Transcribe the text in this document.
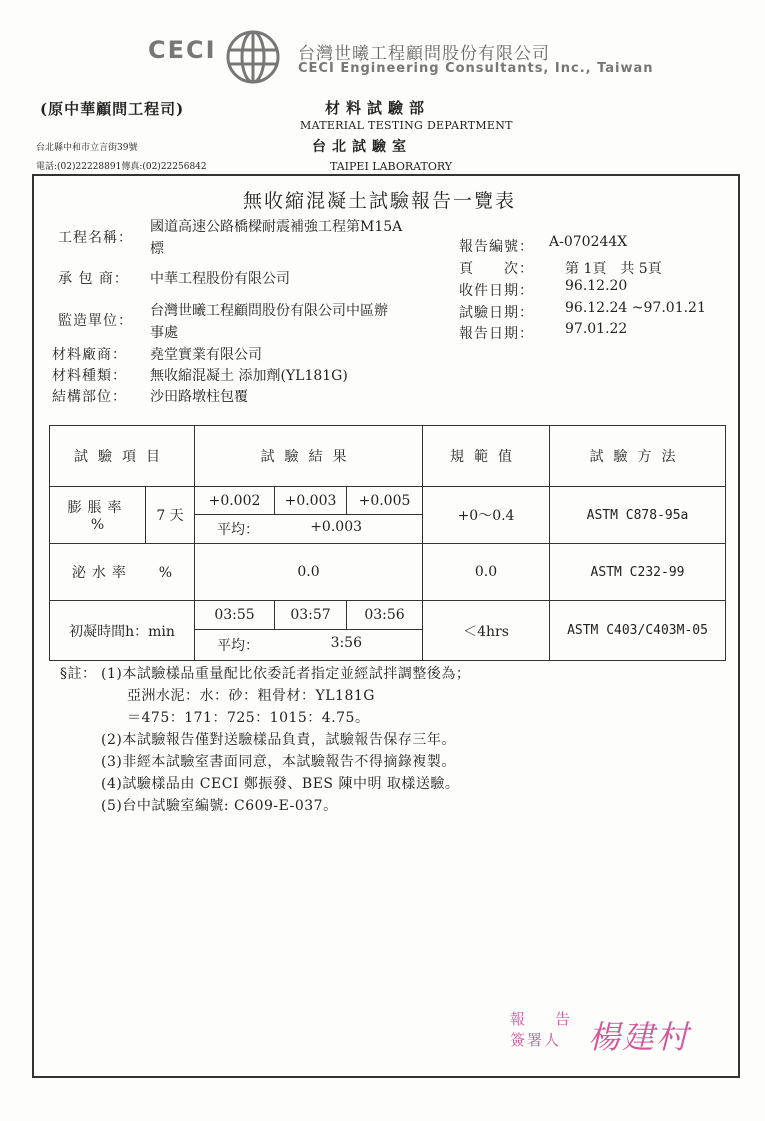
CECI	台灣世曦工程顧問股份有限公司
CECI Engineering Consultants, Inc., Taiwan
(原中華顧問工程司)	材料試驗部
MATERIAL TESTING DEPARTMENT
台北試驗室
TAIPEI LABORATORY
台北縣中和市立言街39號
電話:(02)22228891傳真:(02)22256842
無收縮混凝土試驗報告一覽表
工程名稱：
國道高速公路橋樑耐震補強工程第M15A
標
承 包 商： 中華工程股份有限公司
監造單位：
台灣世曦工程顧問股份有限公司中區辦
事處
材料廠商： 堯堂實業有限公司
材料種類： 無收縮混凝土 添加劑(YL181G)
結構部位： 沙田路墩柱包覆
報告編號： A-070244X
頁　　次： 第 1頁　共 5頁
收件日期： 96.12.20
試驗日期： 96.12.24 ~97.01.21
報告日期： 97.01.22
試驗項目		試驗結果			規範值	試驗方法

膨脹率
%	7 天	+0.002	+0.003	+0.005	+0～0.4	ASTM C878-95a

		平均： +0.003				

泌水率 %		0.0			0.0	ASTM C232-99
初凝時間h：min		03:55	03:57	03:56	＜4hrs	ASTM C403/C403M-05

		平均： 3:56				
§註： (1)本試驗樣品重量配比依委託者指定並經試拌調整後為；
亞洲水泥：水：砂：粗骨材：YL181G
＝475：171：725：1015：4.75。
(2)本試驗報告僅對送驗樣品負責，試驗報告保存三年。
(3)非經本試驗室書面同意，本試驗報告不得摘錄複製。
(4)試驗樣品由 CECI 鄭振發、BES 陳中明 取樣送驗。
(5)台中試驗室編號: C609-E-037。
報告
簽署人 楊建村
